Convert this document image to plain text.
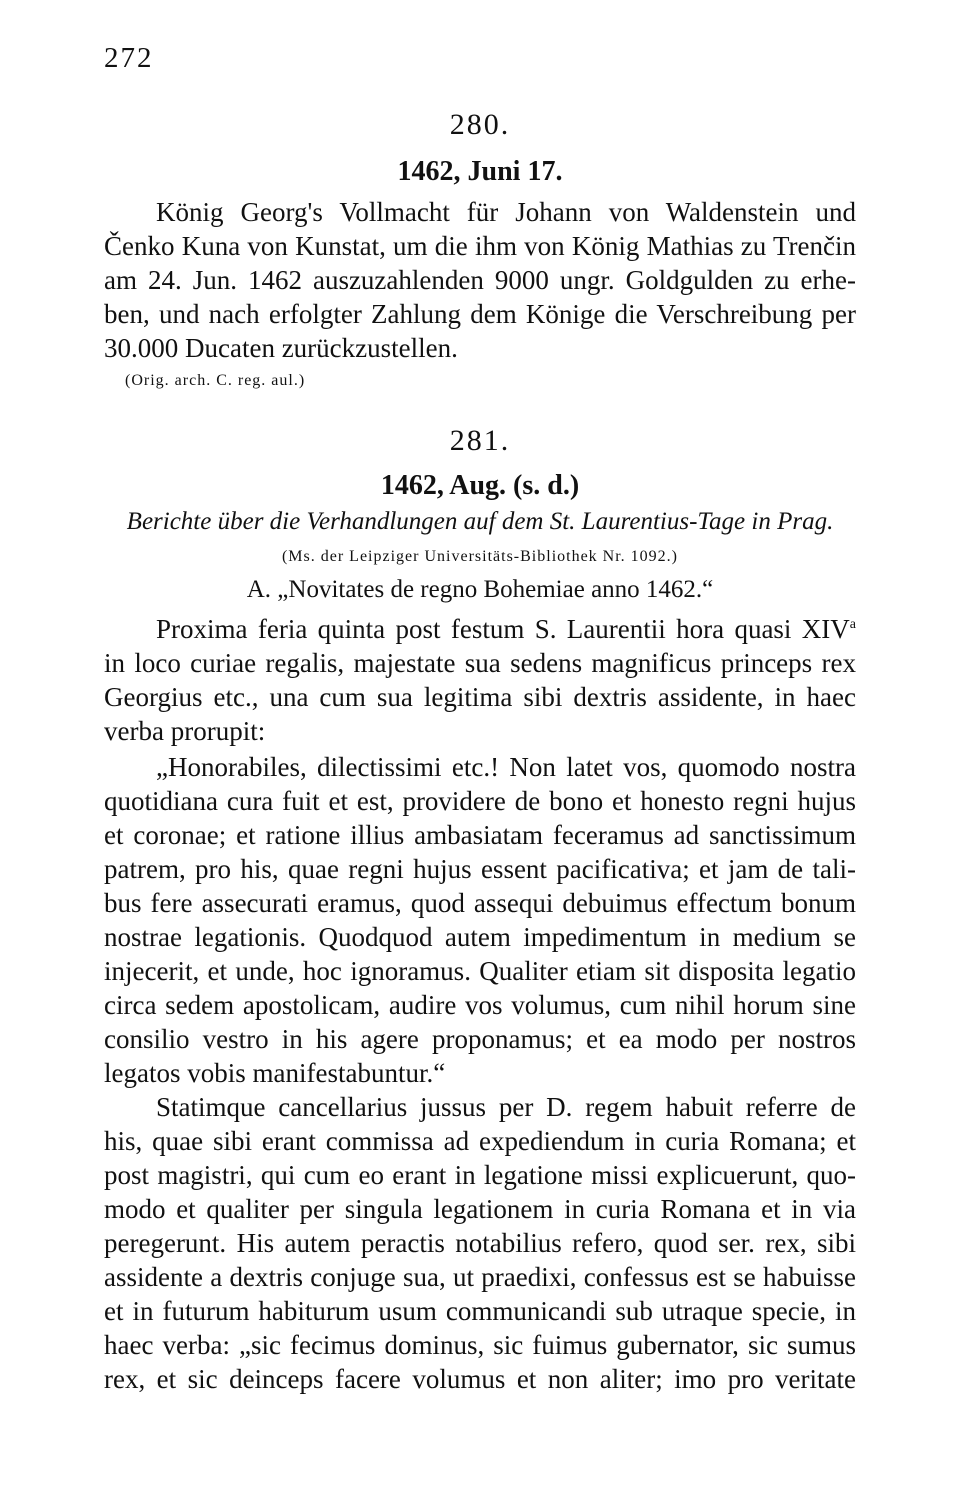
272
280.
1462, Juni 17.
König Georg's Vollmacht für Johann von Waldenstein und
Čenko Kuna von Kunstat, um die ihm von König Mathias zu Trenčin
am 24. Jun. 1462 auszuzahlenden 9000 ungr. Goldgulden zu erhe-
ben, und nach erfolgter Zahlung dem Könige die Verschreibung per
30.000 Ducaten zurückzustellen.
(Orig. arch. C. reg. aul.)
281.
1462, Aug. (s. d.)
Berichte über die Verhandlungen auf dem St. Laurentius-Tage in Prag.
(Ms. der Leipziger Universitäts-Bibliothek Nr. 1092.)
A. „Novitates de regno Bohemiae anno 1462.“
Proxima feria quinta post festum S. Laurentii hora quasi XIV$^a$
in loco curiae regalis, majestate sua sedens magnificus princeps rex
Georgius etc., una cum sua legitima sibi dextris assidente, in haec
verba prorupit:
„Honorabiles, dilectissimi etc.! Non latet vos, quomodo nostra
quotidiana cura fuit et est, providere de bono et honesto regni hujus
et coronae; et ratione illius ambasiatam feceramus ad sanctissimum
patrem, pro his, quae regni hujus essent pacificativa; et jam de tali-
bus fere assecurati eramus, quod assequi debuimus effectum bonum
nostrae legationis. Quodquod autem impedimentum in medium se
injecerit, et unde, hoc ignoramus. Qualiter etiam sit disposita legatio
circa sedem apostolicam, audire vos volumus, cum nihil horum sine
consilio vestro in his agere proponamus; et ea modo per nostros
legatos vobis manifestabuntur.“
Statimque cancellarius jussus per D. regem habuit referre de
his, quae sibi erant commissa ad expediendum in curia Romana; et
post magistri, qui cum eo erant in legatione missi explicuerunt, quo-
modo et qualiter per singula legationem in curia Romana et in via
peregerunt. His autem peractis notabilius refero, quod ser. rex, sibi
assidente a dextris conjuge sua, ut praedixi, confessus est se habuisse
et in futurum habiturum usum communicandi sub utraque specie, in
haec verba: „sic fecimus dominus, sic fuimus gubernator, sic sumus
rex, et sic deinceps facere volumus et non aliter; imo pro veritate
